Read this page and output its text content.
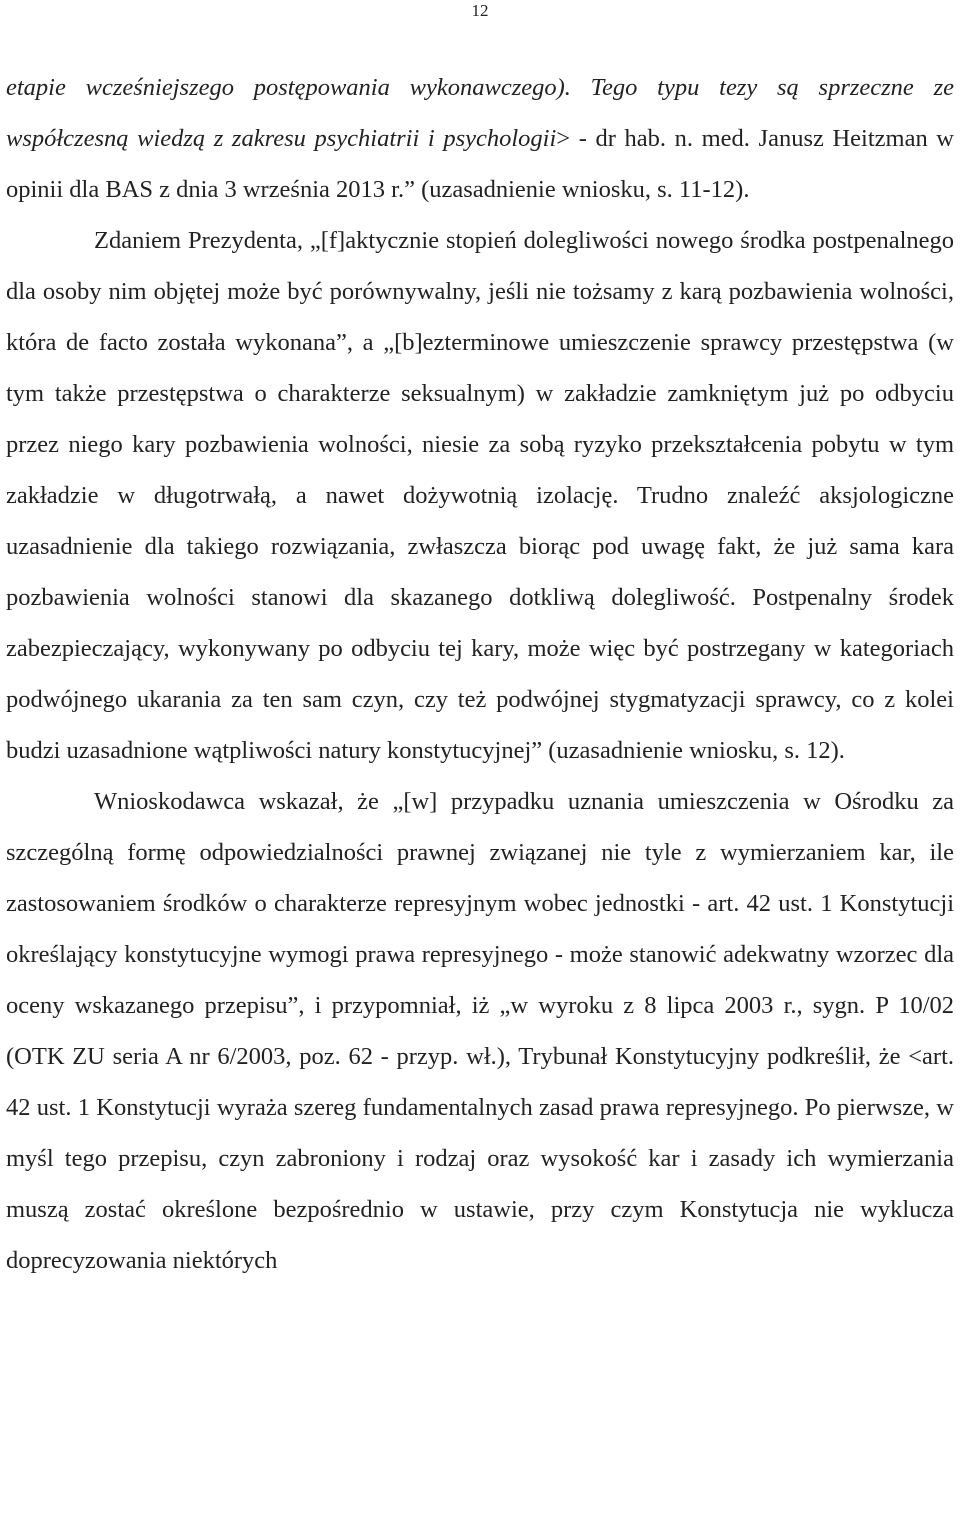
12

etapie wcześniejszego postępowania wykonawczego). Tego typu tezy są sprzeczne ze współczesną wiedzą z zakresu psychiatrii i psychologii> - dr hab. n. med. Janusz Heitzman w opinii dla BAS z dnia 3 września 2013 r.” (uzasadnienie wniosku, s. 11-12).

Zdaniem Prezydenta, „[f]aktycznie stopień dolegliwości nowego środka postpenalnego dla osoby nim objętej może być porównywalny, jeśli nie tożsamy z karą pozbawienia wolności, która de facto została wykonana”, a „[b]ezterminowe umieszczenie sprawcy przestępstwa (w tym także przestępstwa o charakterze seksualnym) w zakładzie zamkniętym już po odbyciu przez niego kary pozbawienia wolności, niesie za sobą ryzyko przekształcenia pobytu w tym zakładzie w długotrwałą, a nawet dożywotnią izolację. Trudno znaleźć aksjologiczne uzasadnienie dla takiego rozwiązania, zwłaszcza biorąc pod uwagę fakt, że już sama kara pozbawienia wolności stanowi dla skazanego dotkliwą dolegliwość. Postpenalny środek zabezpieczający, wykonywany po odbyciu tej kary, może więc być postrzegany w kategoriach podwójnego ukarania za ten sam czyn, czy też podwójnej stygmatyzacji sprawcy, co z kolei budzi uzasadnione wątpliwości natury konstytucyjnej” (uzasadnienie wniosku, s. 12).

Wnioskodawca wskazał, że „[w] przypadku uznania umieszczenia w Ośrodku za szczególną formę odpowiedzialności prawnej związanej nie tyle z wymierzaniem kar, ile zastosowaniem środków o charakterze represyjnym wobec jednostki - art. 42 ust. 1 Konstytucji określający konstytucyjne wymogi prawa represyjnego - może stanowić adekwatny wzorzec dla oceny wskazanego przepisu”, i przypomniał, iż „w wyroku z 8 lipca 2003 r., sygn. P 10/02 (OTK ZU seria A nr 6/2003, poz. 62 - przyp. wł.), Trybunał Konstytucyjny podkreślił, że <art. 42 ust. 1 Konstytucji wyraża szereg fundamentalnych zasad prawa represyjnego. Po pierwsze, w myśl tego przepisu, czyn zabroniony i rodzaj oraz wysokość kar i zasady ich wymierzania muszą zostać określone bezpośrednio w ustawie, przy czym Konstytucja nie wyklucza doprecyzowania niektórych
